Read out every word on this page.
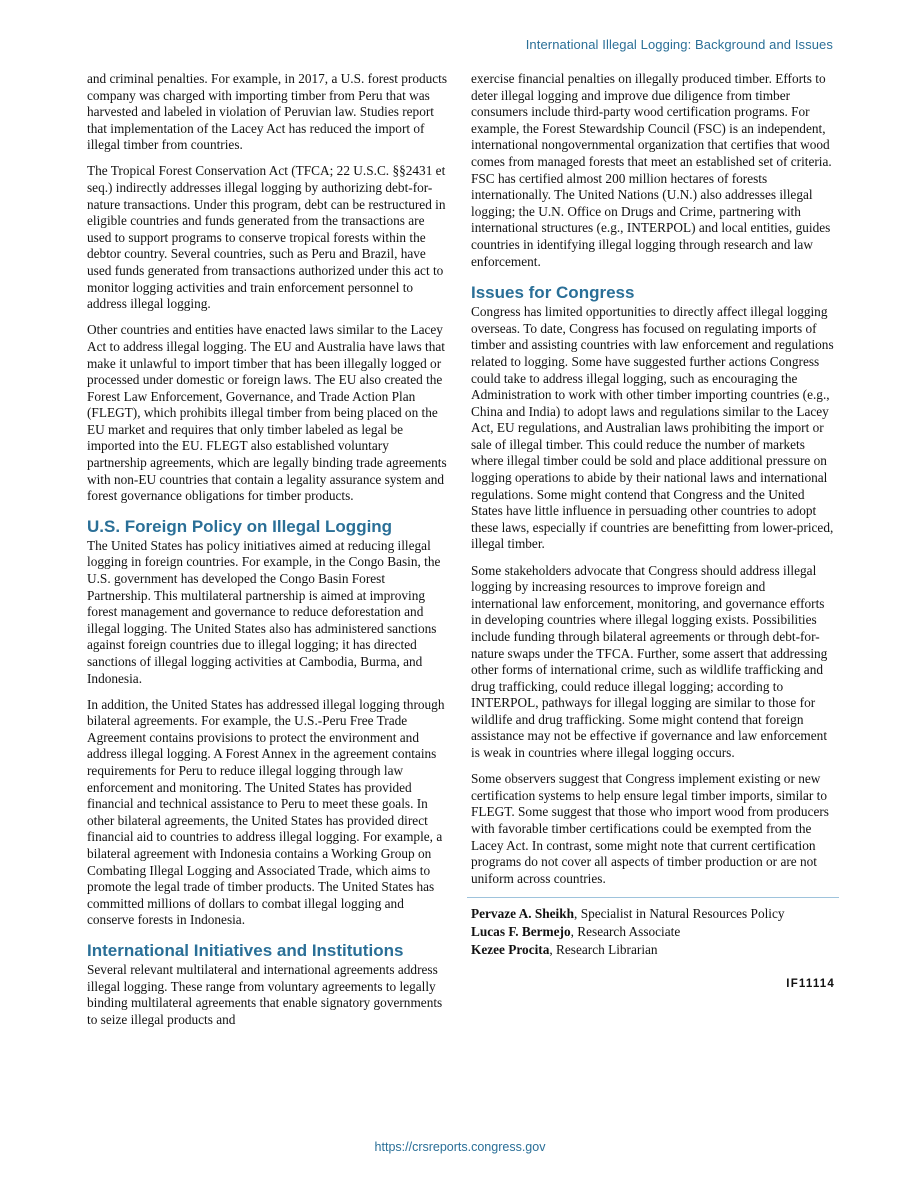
International Illegal Logging: Background and Issues

and criminal penalties. For example, in 2017, a U.S. forest products company was charged with importing timber from Peru that was harvested and labeled in violation of Peruvian law. Studies report that implementation of the Lacey Act has reduced the import of illegal timber from countries.

The Tropical Forest Conservation Act (TFCA; 22 U.S.C. §§2431 et seq.) indirectly addresses illegal logging by authorizing debt-for-nature transactions. Under this program, debt can be restructured in eligible countries and funds generated from the transactions are used to support programs to conserve tropical forests within the debtor country. Several countries, such as Peru and Brazil, have used funds generated from transactions authorized under this act to monitor logging activities and train enforcement personnel to address illegal logging.

Other countries and entities have enacted laws similar to the Lacey Act to address illegal logging. The EU and Australia have laws that make it unlawful to import timber that has been illegally logged or processed under domestic or foreign laws. The EU also created the Forest Law Enforcement, Governance, and Trade Action Plan (FLEGT), which prohibits illegal timber from being placed on the EU market and requires that only timber labeled as legal be imported into the EU. FLEGT also established voluntary partnership agreements, which are legally binding trade agreements with non-EU countries that contain a legality assurance system and forest governance obligations for timber products.

U.S. Foreign Policy on Illegal Logging

The United States has policy initiatives aimed at reducing illegal logging in foreign countries. For example, in the Congo Basin, the U.S. government has developed the Congo Basin Forest Partnership. This multilateral partnership is aimed at improving forest management and governance to reduce deforestation and illegal logging. The United States also has administered sanctions against foreign countries due to illegal logging; it has directed sanctions of illegal logging activities at Cambodia, Burma, and Indonesia.

In addition, the United States has addressed illegal logging through bilateral agreements. For example, the U.S.-Peru Free Trade Agreement contains provisions to protect the environment and address illegal logging. A Forest Annex in the agreement contains requirements for Peru to reduce illegal logging through law enforcement and monitoring. The United States has provided financial and technical assistance to Peru to meet these goals. In other bilateral agreements, the United States has provided direct financial aid to countries to address illegal logging. For example, a bilateral agreement with Indonesia contains a Working Group on Combating Illegal Logging and Associated Trade, which aims to promote the legal trade of timber products. The United States has committed millions of dollars to combat illegal logging and conserve forests in Indonesia.

International Initiatives and Institutions

Several relevant multilateral and international agreements address illegal logging. These range from voluntary agreements to legally binding multilateral agreements that enable signatory governments to seize illegal products and

exercise financial penalties on illegally produced timber. Efforts to deter illegal logging and improve due diligence from timber consumers include third-party wood certification programs. For example, the Forest Stewardship Council (FSC) is an independent, international nongovernmental organization that certifies that wood comes from managed forests that meet an established set of criteria. FSC has certified almost 200 million hectares of forests internationally. The United Nations (U.N.) also addresses illegal logging; the U.N. Office on Drugs and Crime, partnering with international structures (e.g., INTERPOL) and local entities, guides countries in identifying illegal logging through research and law enforcement.

Issues for Congress

Congress has limited opportunities to directly affect illegal logging overseas. To date, Congress has focused on regulating imports of timber and assisting countries with law enforcement and regulations related to logging. Some have suggested further actions Congress could take to address illegal logging, such as encouraging the Administration to work with other timber importing countries (e.g., China and India) to adopt laws and regulations similar to the Lacey Act, EU regulations, and Australian laws prohibiting the import or sale of illegal timber. This could reduce the number of markets where illegal timber could be sold and place additional pressure on logging operations to abide by their national laws and international regulations. Some might contend that Congress and the United States have little influence in persuading other countries to adopt these laws, especially if countries are benefitting from lower-priced, illegal timber.

Some stakeholders advocate that Congress should address illegal logging by increasing resources to improve foreign and international law enforcement, monitoring, and governance efforts in developing countries where illegal logging exists. Possibilities include funding through bilateral agreements or through debt-for-nature swaps under the TFCA. Further, some assert that addressing other forms of international crime, such as wildlife trafficking and drug trafficking, could reduce illegal logging; according to INTERPOL, pathways for illegal logging are similar to those for wildlife and drug trafficking. Some might contend that foreign assistance may not be effective if governance and law enforcement is weak in countries where illegal logging occurs.

Some observers suggest that Congress implement existing or new certification systems to help ensure legal timber imports, similar to FLEGT. Some suggest that those who import wood from producers with favorable timber certifications could be exempted from the Lacey Act. In contrast, some might note that current certification programs do not cover all aspects of timber production or are not uniform across countries.

Pervaze A. Sheikh, Specialist in Natural Resources Policy
Lucas F. Bermejo, Research Associate
Kezee Procita, Research Librarian
IF11114
https://crsreports.congress.gov
